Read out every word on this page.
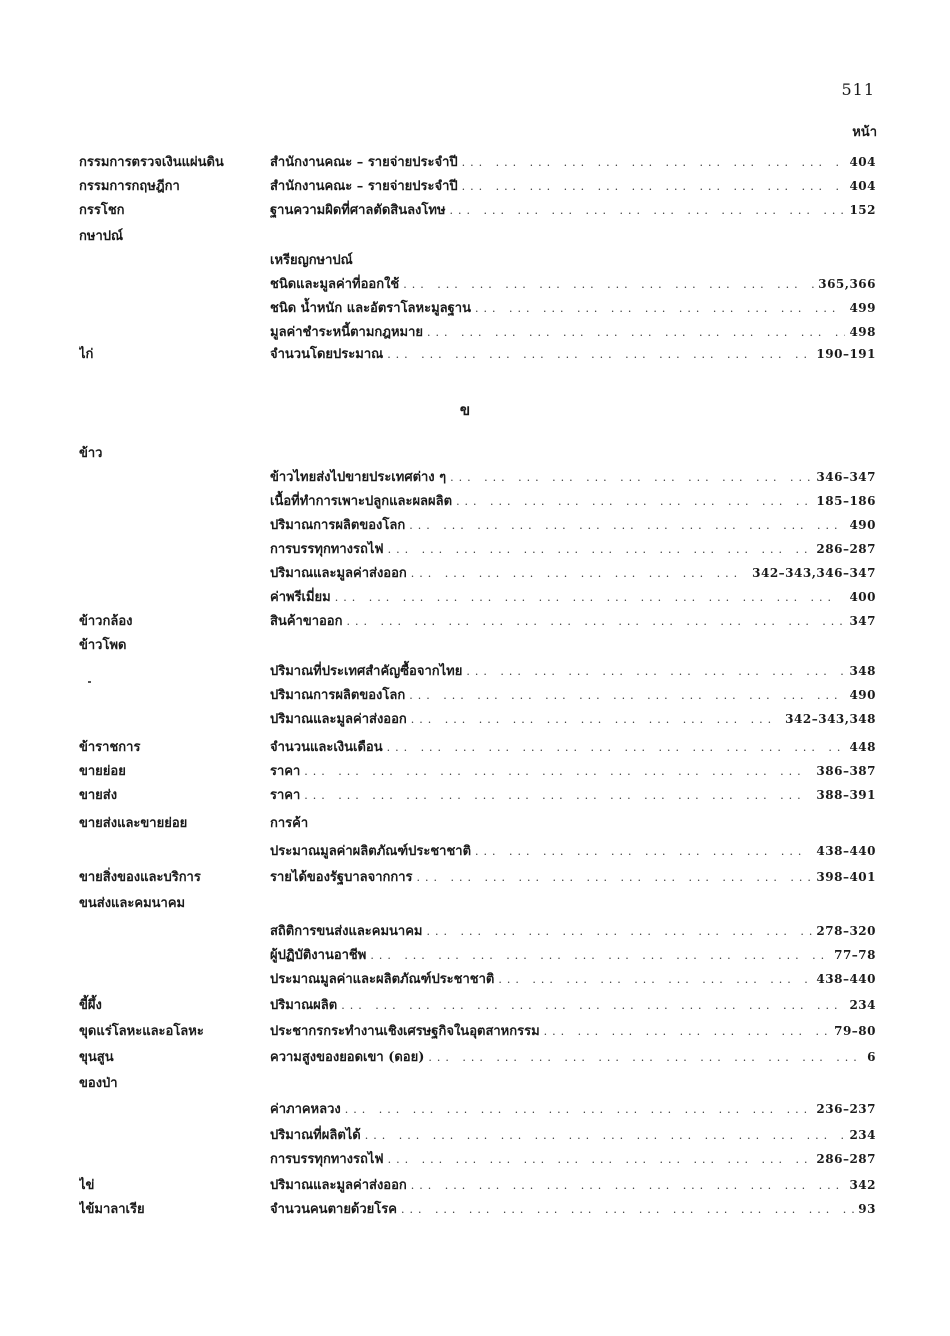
511
หน้า
ข
กรรมการตรวจเงินแผ่นดิน	สำนักงานคณะ – รายจ่ายประจำปี ... .	404
กรรมการกฤษฎีกา	สำนักงานคณะ – รายจ่ายประจำปี ... .	404
กรรโชก	ฐานความผิดที่ศาลตัดสินลงโทษ ... .	152
กษาปณ์
เหรียญกษาปณ์
ชนิดและมูลค่าที่ออกใช้ ... .	365,366
ชนิด น้ำหนัก และอัตราโลหะมูลฐาน ... .	499
มูลค่าชำระหนี้ตามกฎหมาย ... .	498
ไก่	จำนวนโดยประมาณ ... .	190–191
ข้าว
ข้าวไทยส่งไปขายประเทศต่าง ๆ ... .	346–347
เนื้อที่ทำการเพาะปลูกและผลผลิต ... .	185–186
ปริมาณการผลิตของโลก ... .	490
การบรรทุกทางรถไฟ ... .	286–287
ปริมาณและมูลค่าส่งออก ... .	342–343,346–347
ค่าพรีเมี่ยม ... .	400
ข้าวกล้อง	สินค้าขาออก ... .	347
ข้าวโพด
ปริมาณที่ประเทศสำคัญซื้อจากไทย ... .	348
ปริมาณการผลิตของโลก ... .	490
ปริมาณและมูลค่าส่งออก ... .	342–343,348
ข้าราชการ	จำนวนและเงินเดือน ... .	448
ขายย่อย	ราคา ... .	386–387
ขายส่ง	ราคา ... .	388–391
ขายส่งและขายย่อย	การค้า
ประมาณมูลค่าผลิตภัณฑ์ประชาชาติ ... .	438–440
ขายสิ่งของและบริการ	รายได้ของรัฐบาลจากการ ... .	398–401
ขนส่งและคมนาคม
สถิติการขนส่งและคมนาคม ... .	278–320
ผู้ปฏิบัติงานอาชีพ ... .	77–78
ประมาณมูลค่าและผลิตภัณฑ์ประชาชาติ ... .	438–440
ขี้ผึ้ง	ปริมาณผลิต ... .	234
ขุดแร่โลหะและอโลหะ	ประชากรกระทำงานเชิงเศรษฐกิจในอุตสาหกรรม ... .	79–80
ขุนสูน	ความสูงของยอดเขา (ดอย) ... .	6
ของป่า
ค่าภาคหลวง ... .	236–237
ปริมาณที่ผลิตได้ ... .	234
การบรรทุกทางรถไฟ ... .	286–287
ไข่	ปริมาณและมูลค่าส่งออก ... .	342
ไข้มาลาเรีย	จำนวนคนตายด้วยโรค ... .	93
